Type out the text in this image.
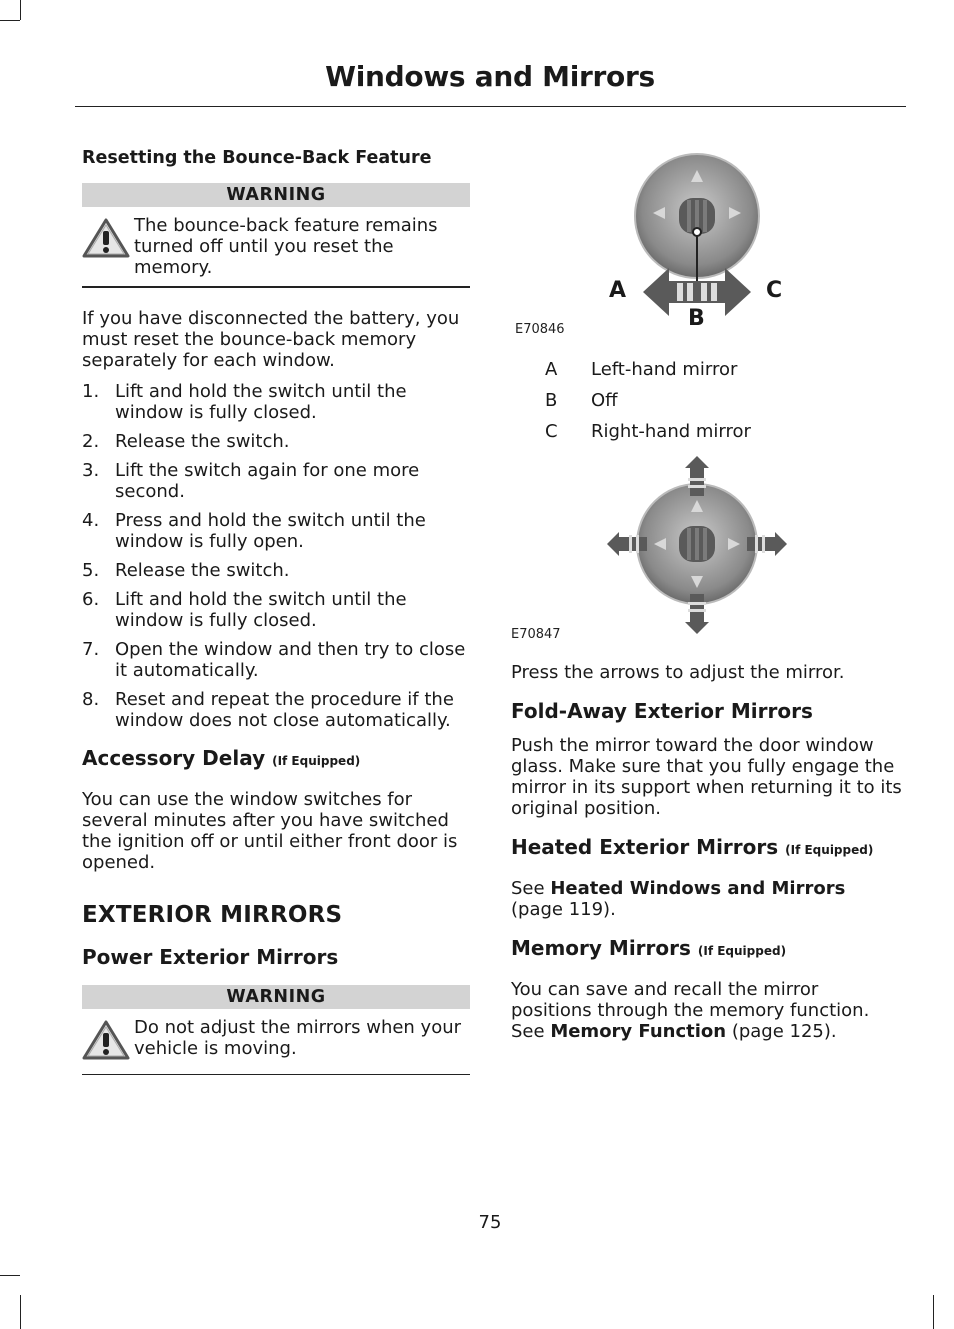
Windows and Mirrors
Resetting the Bounce-Back Feature
WARNING
The bounce-back feature remains turned off until you reset the memory.

If you have disconnected the battery, you must reset the bounce-back memory separately for each window.

1. Lift and hold the switch until the window is fully closed.
2. Release the switch.
3. Lift the switch again for one more second.
4. Press and hold the switch until the window is fully open.
5. Release the switch.
6. Lift and hold the switch until the window is fully closed.
7. Open the window and then try to close it automatically.
8. Reset and repeat the procedure if the window does not close automatically.
Accessory Delay (If Equipped)

You can use the window switches for several minutes after you have switched the ignition off or until either front door is opened.

EXTERIOR MIRRORS
Power Exterior Mirrors
WARNING
Do not adjust the mirrors when your vehicle is moving.
A
B
C
E70846
A	Left-hand mirror
B	Off
C	Right-hand mirror
E70847

Press the arrows to adjust the mirror.

Fold-Away Exterior Mirrors

Push the mirror toward the door window glass. Make sure that you fully engage the mirror in its support when returning it to its original position.

Heated Exterior Mirrors (If Equipped)

See Heated Windows and Mirrors (page 119).

Memory Mirrors (If Equipped)

You can save and recall the mirror positions through the memory function. See Memory Function (page 125).

75
